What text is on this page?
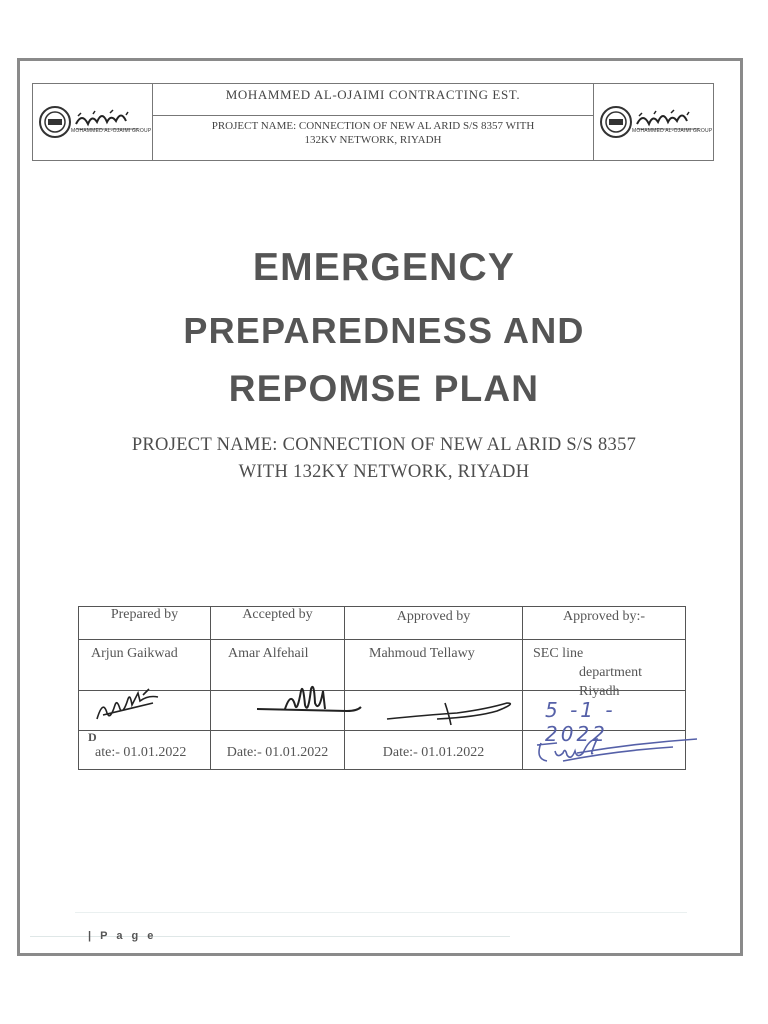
MOHAMMED AL-OJAIMI GROUP
MOHAMMED AL-OJAIMI CONTRACTING EST.
PROJECT NAME: CONNECTION OF NEW AL ARID S/S 8357 WITH
132KV NETWORK, RIYADH
MOHAMMED AL-OJAIMI GROUP
EMERGENCY
PREPAREDNESS AND
REPOMSE PLAN
PROJECT NAME: CONNECTION OF NEW AL ARID S/S 8357
WITH 132KY NETWORK, RIYADH
Prepared by	Accepted by	Approved by	Approved by:-
Arjun Gaikwad	Amar Alfehail	Mahmoud Tellawy	SEC line
department
Riyadh
5 -1 - 2022
D
ate:- 01.01.2022	Date:- 01.01.2022	Date:- 01.01.2022
| P a g e
